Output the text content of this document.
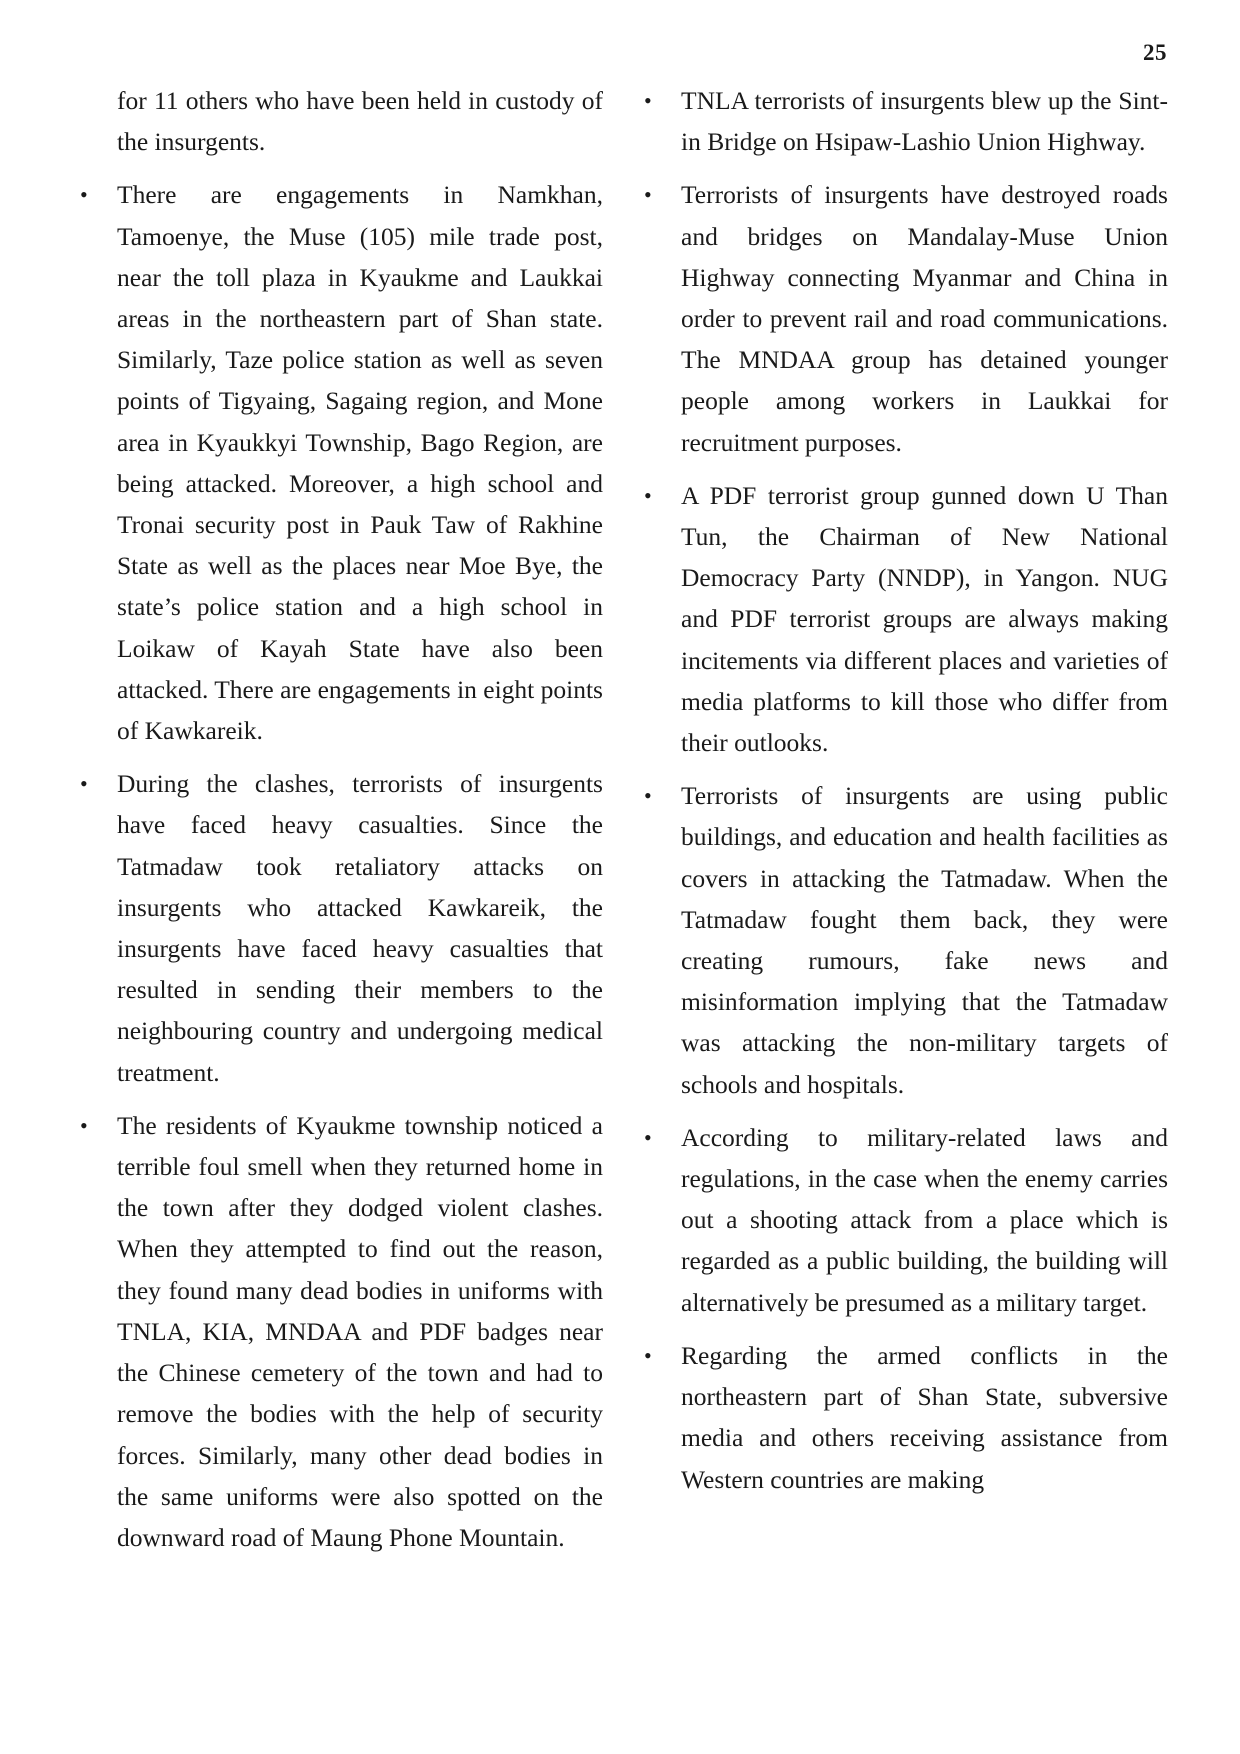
25

for 11 others who have been held in custody of the insurgents.

• There are engagements in Namkhan, Tamoenye, the Muse (105) mile trade post, near the toll plaza in Kyaukme and Laukkai areas in the northeastern part of Shan state. Similarly, Taze police station as well as seven points of Tigyaing, Sagaing region, and Mone area in Kyaukkyi Township, Bago Region, are being attacked. Moreover, a high school and Tronai security post in Pauk Taw of Rakhine State as well as the places near Moe Bye, the state’s police station and a high school in Loikaw of Kayah State have also been attacked. There are engagements in eight points of Kawkareik.
• During the clashes, terrorists of insurgents have faced heavy casualties. Since the Tatmadaw took retaliatory attacks on insurgents who attacked Kawkareik, the insurgents have faced heavy casualties that resulted in sending their members to the neighbouring country and undergoing medical treatment.
• The residents of Kyaukme township noticed a terrible foul smell when they returned home in the town after they dodged violent clashes. When they attempted to find out the reason, they found many dead bodies in uniforms with TNLA, KIA, MNDAA and PDF badges near the Chinese cemetery of the town and had to remove the bodies with the help of security forces. Similarly, many other dead bodies in the same uniforms were also spotted on the downward road of Maung Phone Mountain.
• TNLA terrorists of insurgents blew up the Sint-in Bridge on Hsipaw-Lashio Union Highway.
• Terrorists of insurgents have destroyed roads and bridges on Mandalay-Muse Union Highway connecting Myanmar and China in order to prevent rail and road communications. The MNDAA group has detained younger people among workers in Laukkai for recruitment purposes.
• A PDF terrorist group gunned down U Than Tun, the Chairman of New National Democracy Party (NNDP), in Yangon. NUG and PDF terrorist groups are always making incitements via different places and varieties of media platforms to kill those who differ from their outlooks.
• Terrorists of insurgents are using public buildings, and education and health facilities as covers in attacking the Tatmadaw. When the Tatmadaw fought them back, they were creating rumours, fake news and misinformation implying that the Tatmadaw was attacking the non-military targets of schools and hospitals.
• According to military-related laws and regulations, in the case when the enemy carries out a shooting attack from a place which is regarded as a public building, the building will alternatively be presumed as a military target.
• Regarding the armed conflicts in the northeastern part of Shan State, subversive media and others receiving assistance from Western countries are making
